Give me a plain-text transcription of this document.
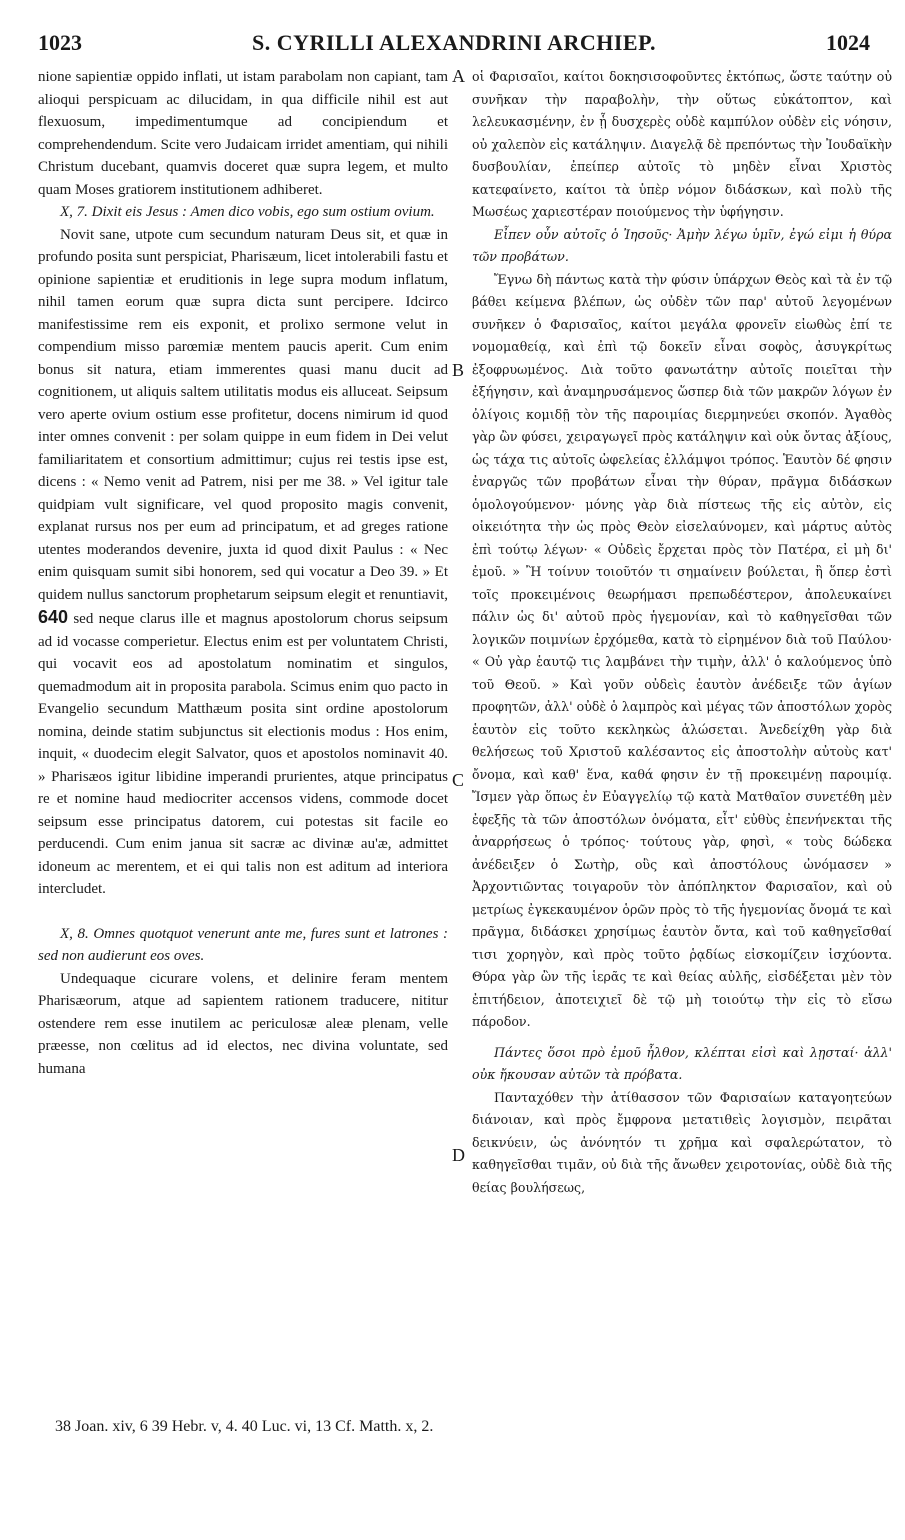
1023	S. CYRILLI ALEXANDRINI ARCHIEP.	1024
A
B
C
D

nione sapientiæ oppido inflati, ut istam parabolam non capiant, tam alioqui perspicuam ac dilucidam, in qua difficile nihil est aut flexuosum, impedimentumque ad concipiendum et comprehendendum. Scite vero Judaicam irridet amentiam, qui nihili Christum ducebant, quamvis doceret quæ supra legem, et multo quam Moses gratiorem institutionem adhiberet.

X, 7. Dixit eis Jesus : Amen dico vobis, ego sum ostium ovium.

Novit sane, utpote cum secundum naturam Deus sit, et quæ in profundo posita sunt perspiciat, Pharisæum, licet intolerabili fastu et opinione sapientiæ et eruditionis in lege supra modum inflatum, nihil tamen eorum quæ supra dicta sunt percipere. Idcirco manifestissime rem eis exponit, et prolixo sermone velut in compendium misso parœmiæ mentem paucis aperit. Cum enim bonus sit natura, etiam immerentes quasi manu ducit ad cognitionem, ut aliquis saltem utilitatis modus eis alluceat. Seipsum vero aperte ovium ostium esse profitetur, docens nimirum id quod inter omnes convenit : per solam quippe in eum fidem in Dei velut familiaritatem et consortium admittimur; cujus rei testis ipse est, dicens : « Nemo venit ad Patrem, nisi per me 38. » Vel igitur tale quidpiam vult significare, vel quod proposito magis convenit, explanat rursus nos per eum ad principatum, et ad greges ratione utentes moderandos devenire, juxta id quod dixit Paulus : « Nec enim quisquam sumit sibi honorem, sed qui vocatur a Deo 39. » Et quidem nullus sanctorum prophetarum seipsum elegit et renuntiavit, 640 sed neque clarus ille et magnus apostolorum chorus seipsum ad id vocasse comperietur. Electus enim est per voluntatem Christi, qui vocavit eos ad apostolatum nominatim et singulos, quemadmodum ait in proposita parabola. Scimus enim quo pacto in Evangelio secundum Matthæum posita sint ordine apostolorum nomina, deinde statim subjunctus sit electionis modus : Hos enim, inquit, « duodecim elegit Salvator, quos et apostolos nominavit 40. » Pharisæos igitur libidine imperandi prurientes, atque principatus re et nomine haud mediocriter accensos videns, commode docet seipsum esse principatus datorem, cui potestas sit facile eo perducendi. Cum enim janua sit sacræ ac divinæ au'æ, admittet idoneum ac merentem, et ei qui talis non est aditum ad interiora intercludet.

X, 8. Omnes quotquot venerunt ante me, fures sunt et latrones : sed non audierunt eos oves.

Undequaque cicurare volens, et delinire feram mentem Pharisæorum, atque ad sapientem rationem traducere, nititur ostendere rem esse inutilem ac periculosæ aleæ plenam, velle præesse, non cœlitus ad id electos, nec divina voluntate, sed humana

οἱ Φαρισαῖοι, καίτοι δοκησισοφοῦντες ἐκτόπως, ὥστε ταύτην οὐ συνῆκαν τὴν παραβολὴν, τὴν οὕτως εὐκάτοπτον, καὶ λελευκασμένην, ἐν ᾗ δυσχερὲς οὐδὲ καμπύλον οὐδὲν εἰς νόησιν, οὐ χαλεπὸν εἰς κατάληψιν. Διαγελᾷ δὲ πρεπόντως τὴν Ἰουδαϊκὴν δυσβουλίαν, ἐπείπερ αὐτοῖς τὸ μηδὲν εἶναι Χριστὸς κατεφαίνετο, καίτοι τὰ ὑπὲρ νόμον διδάσκων, καὶ πολὺ τῆς Μωσέως χαριεστέραν ποιούμενος τὴν ὑφήγησιν.

Εἶπεν οὖν αὐτοῖς ὁ Ἰησοῦς· Ἀμὴν λέγω ὑμῖν, ἐγώ εἰμι ἡ θύρα τῶν προβάτων.

Ἔγνω δὴ πάντως κατὰ τὴν φύσιν ὑπάρχων Θεὸς καὶ τὰ ἐν τῷ βάθει κείμενα βλέπων, ὡς οὐδὲν τῶν παρ' αὐτοῦ λεγομένων συνῆκεν ὁ Φαρισαῖος, καίτοι μεγάλα φρονεῖν εἰωθὼς ἐπί τε νομομαθείᾳ, καὶ ἐπὶ τῷ δοκεῖν εἶναι σοφὸς, ἀσυγκρίτως ἐξοφρυωμένος. Διὰ τοῦτο φανωτάτην αὐτοῖς ποιεῖται τὴν ἐξήγησιν, καὶ ἀναμηρυσάμενος ὥσπερ διὰ τῶν μακρῶν λόγων ἐν ὀλίγοις κομιδῇ τὸν τῆς παροιμίας διερμηνεύει σκοπόν. Ἀγαθὸς γὰρ ὢν φύσει, χειραγωγεῖ πρὸς κατάληψιν καὶ οὐκ ὄντας ἀξίους, ὡς τάχα τις αὐτοῖς ὠφελείας ἐλλάμψοι τρόπος. Ἑαυτὸν δέ φησιν ἐναργῶς τῶν προβάτων εἶναι τὴν θύραν, πρᾶγμα διδάσκων ὁμολογούμενον· μόνης γὰρ διὰ πίστεως τῆς εἰς αὐτὸν, εἰς οἰκειότητα τὴν ὡς πρὸς Θεὸν εἰσελαύνομεν, καὶ μάρτυς αὐτὸς ἐπὶ τούτῳ λέγων· « Οὐδεὶς ἔρχεται πρὸς τὸν Πατέρα, εἰ μὴ δι' ἐμοῦ. » Ἢ τοίνυν τοιοῦτόν τι σημαίνειν βούλεται, ἢ ὅπερ ἐστὶ τοῖς προκειμένοις θεωρήμασι πρεπωδέστερον, ἀπολευκαίνει πάλιν ὡς δι' αὐτοῦ πρὸς ἡγεμονίαν, καὶ τὸ καθηγεῖσθαι τῶν λογικῶν ποιμνίων ἐρχόμεθα, κατὰ τὸ εἰρημένον διὰ τοῦ Παύλου· « Οὐ γὰρ ἑαυτῷ τις λαμβάνει τὴν τιμὴν, ἀλλ' ὁ καλούμενος ὑπὸ τοῦ Θεοῦ. » Καὶ γοῦν οὐδεὶς ἑαυτὸν ἀνέδειξε τῶν ἁγίων προφητῶν, ἀλλ' οὐδὲ ὁ λαμπρὸς καὶ μέγας τῶν ἀποστόλων χορὸς ἑαυτὸν εἰς τοῦτο κεκληκὼς ἁλώσεται. Ἀνεδείχθη γὰρ διὰ θελήσεως τοῦ Χριστοῦ καλέσαντος εἰς ἀποστολὴν αὐτοὺς κατ' ὄνομα, καὶ καθ' ἕνα, καθά φησιν ἐν τῇ προκειμένῃ παροιμίᾳ. Ἴσμεν γὰρ ὅπως ἐν Εὐαγγελίῳ τῷ κατὰ Ματθαῖον συνετέθη μὲν ἐφεξῆς τὰ τῶν ἀποστόλων ὀνόματα, εἶτ' εὐθὺς ἐπενήνεκται τῆς ἀναρρήσεως ὁ τρόπος· τούτους γὰρ, φησὶ, « τοὺς δώδεκα ἀνέδειξεν ὁ Σωτὴρ, οὓς καὶ ἀποστόλους ὠνόμασεν » Ἀρχοντιῶντας τοιγαροῦν τὸν ἀπόπληκτον Φαρισαῖον, καὶ οὐ μετρίως ἐγκεκαυμένον ὁρῶν πρὸς τὸ τῆς ἡγεμονίας ὄνομά τε καὶ πρᾶγμα, διδάσκει χρησίμως ἑαυτὸν ὄντα, καὶ τοῦ καθηγεῖσθαί τισι χορηγὸν, καὶ πρὸς τοῦτο ῥᾳδίως εἰσκομίζειν ἰσχύοντα. Θύρα γὰρ ὢν τῆς ἱερᾶς τε καὶ θείας αὐλῆς, εἰσδέξεται μὲν τὸν ἐπιτήδειον, ἀποτειχιεῖ δὲ τῷ μὴ τοιούτῳ τὴν εἰς τὸ εἴσω πάροδον.

Πάντες ὅσοι πρὸ ἐμοῦ ἦλθον, κλέπται εἰσὶ καὶ λῃσταί· ἀλλ' οὐκ ἤκουσαν αὐτῶν τὰ πρόβατα.

Πανταχόθεν τὴν ἀτίθασσον τῶν Φαρισαίων καταγοητεύων διάνοιαν, καὶ πρὸς ἔμφρονα μετατιθεὶς λογισμὸν, πειρᾶται δεικνύειν, ὡς ἀνόνητόν τι χρῆμα καὶ σφαλερώτατον, τὸ καθηγεῖσθαι τιμᾶν, οὐ διὰ τῆς ἄνωθεν χειροτονίας, οὐδὲ διὰ τῆς θείας βουλήσεως,

38 Joan. xiv, 6 39 Hebr. v, 4. 40 Luc. vi, 13 Cf. Matth. x, 2.
